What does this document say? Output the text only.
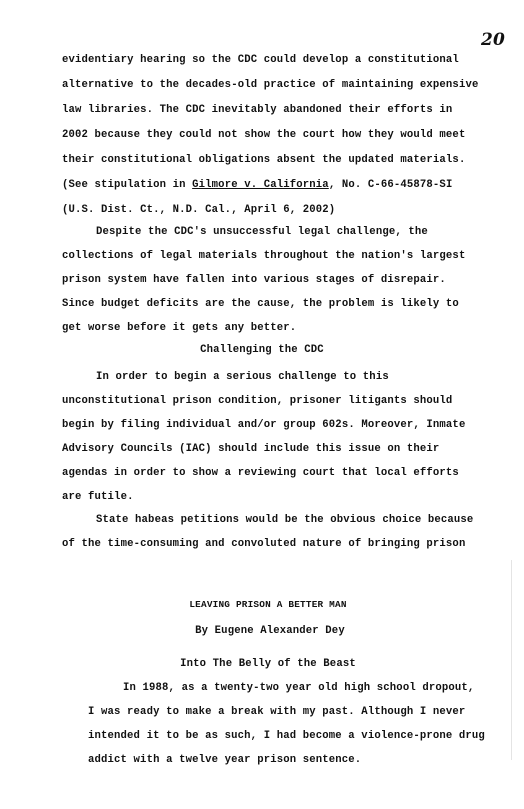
20
evidentiary hearing so the CDC could develop a constitutional
alternative to the decades-old practice of maintaining expensive
law libraries. The CDC inevitably abandoned their efforts in
2002 because they could not show the court how they would meet
their constitutional obligations absent the updated materials.
(See stipulation in Gilmore v. California, No. C-66-45878-SI
(U.S. Dist. Ct., N.D. Cal., April 6, 2002)
Despite the CDC's unsuccessful legal challenge, the
collections of legal materials throughout the nation's largest
prison system have fallen into various stages of disrepair.
Since budget deficits are the cause, the problem is likely to
get worse before it gets any better.
Challenging the CDC
In order to begin a serious challenge to this
unconstitutional prison condition, prisoner litigants should
begin by filing individual and/or group 602s. Moreover, Inmate
Advisory Councils (IAC) should include this issue on their
agendas in order to show a reviewing court that local efforts
are futile.
State habeas petitions would be the obvious choice because
of the time-consuming and convoluted nature of bringing prison
LEAVING PRISON A BETTER MAN
By Eugene Alexander Dey
Into The Belly of the Beast
In 1988, as a twenty-two year old high school dropout,
I was ready to make a break with my past. Although I never
intended it to be as such, I had become a violence-prone drug
addict with a twelve year prison sentence.
